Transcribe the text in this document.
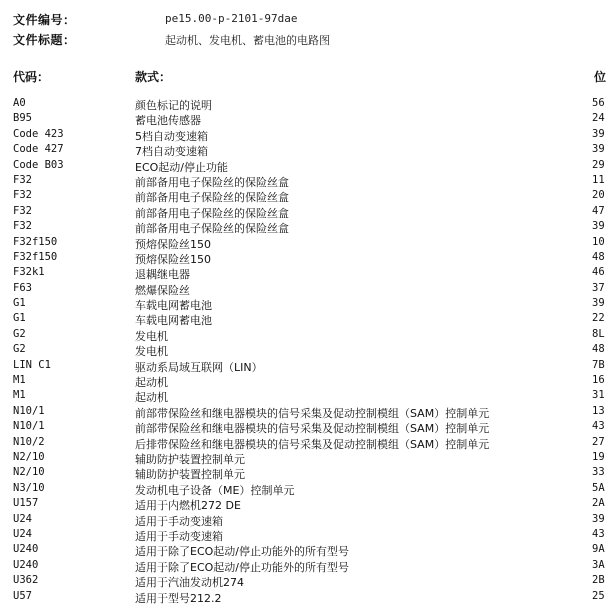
文件编号：	pe15.00-p-2101-97dae
文件标题：	起动机、发电机、蓄电池的电路图
代码：	款式：	位
A0	颜色标记的说明	56
B95	蓄电池传感器	24
Code 423	5档自动变速箱	39
Code 427	7档自动变速箱	39
Code B03	ECO起动/停止功能	29
F32	前部备用电子保险丝的保险丝盒	11
F32	前部备用电子保险丝的保险丝盒	20
F32	前部备用电子保险丝的保险丝盒	47
F32	前部备用电子保险丝的保险丝盒	39
F32f150	预熔保险丝150	10
F32f150	预熔保险丝150	48
F32k1	退耦继电器	46
F63	燃爆保险丝	37
G1	车载电网蓄电池	39
G1	车载电网蓄电池	22
G2	发电机	8L
G2	发电机	48
LIN C1	驱动系局域互联网（LIN）	7B
M1	起动机	16
M1	起动机	31
N10/1	前部带保险丝和继电器模块的信号采集及促动控制模组（SAM）控制单元	13
N10/1	前部带保险丝和继电器模块的信号采集及促动控制模组（SAM）控制单元	43
N10/2	后排带保险丝和继电器模块的信号采集及促动控制模组（SAM）控制单元	27
N2/10	辅助防护装置控制单元	19
N2/10	辅助防护装置控制单元	33
N3/10	发动机电子设备（ME）控制单元	5A
U157	适用于内燃机272 DE	2A
U24	适用于手动变速箱	39
U24	适用于手动变速箱	43
U240	适用于除了ECO起动/停止功能外的所有型号	9A
U240	适用于除了ECO起动/停止功能外的所有型号	3A
U362	适用于汽油发动机274	2B
U57	适用于型号212.2	25
